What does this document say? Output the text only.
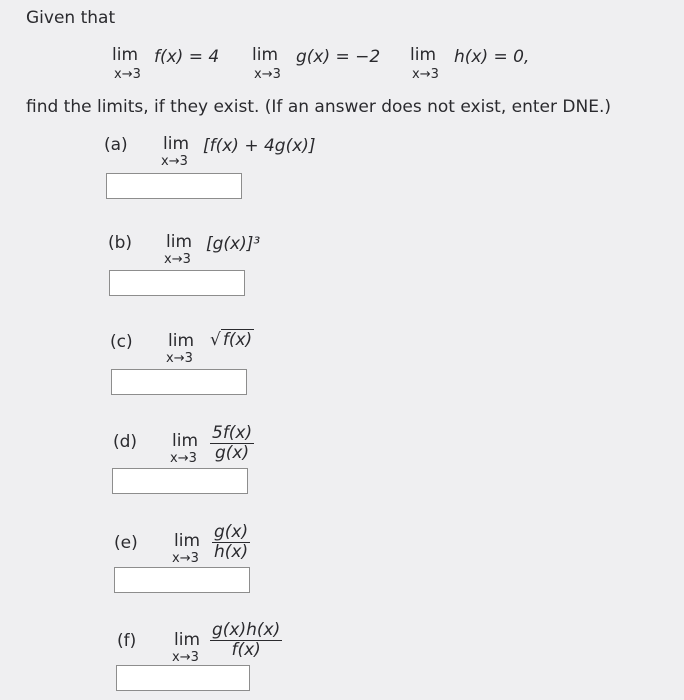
Given that
lim
x→3
f(x) = 4 lim
x→3
g(x) = −2 lim
x→3
h(x) = 0,
find the limits, if they exist. (If an answer does not exist, enter DNE.)
(a) lim
x→3
[f(x) + 4g(x)]
(b) lim
x→3
[g(x)]³
(c) lim
x→3
√ f(x)
(d) lim
$x\to 3 \frac{5f(x)}{g(x)}$
(e) lim
$x\to 3 \frac{g(x)}{h(x)}$
(f) lim
$x\to 3 \frac{g(x)h(x)}{f(x)}$
